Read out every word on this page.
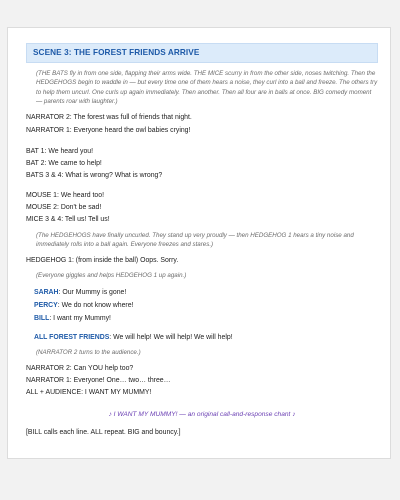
SCENE 3: THE FOREST FRIENDS ARRIVE

(THE BATS fly in from one side, flapping their arms wide. THE MICE scurry in from the other side, noses twitching. Then the HEDGEHOGS begin to waddle in — but every time one of them hears a noise, they curl into a ball and freeze. The others try to help them uncurl. One curls up again immediately. Then another. Then all four are in balls at once. BIG comedy moment — parents roar with laughter.)

NARRATOR 2: The forest was full of friends that night.

NARRATOR 1: Everyone heard the owl babies crying!

BAT 1: We heard you!

BAT 2: We came to help!

BATS 3 & 4: What is wrong? What is wrong?

MOUSE 1: We heard too!

MOUSE 2: Don't be sad!

MICE 3 & 4: Tell us! Tell us!

(The HEDGEHOGS have finally uncurled. They stand up very proudly — then HEDGEHOG 1 hears a tiny noise and immediately rolls into a ball again. Everyone freezes and stares.)

HEDGEHOG 1: (from inside the ball) Oops. Sorry.

(Everyone giggles and helps HEDGEHOG 1 up again.)

SARAH: Our Mummy is gone!

PERCY: We do not know where!

BILL: I want my Mummy!

ALL FOREST FRIENDS: We will help! We will help! We will help!

(NARRATOR 2 turns to the audience.)

NARRATOR 2: Can YOU help too?

NARRATOR 1: Everyone! One… two… three…

ALL + AUDIENCE: I WANT MY MUMMY!

♪ I WANT MY MUMMY! — an original call-and-response chant ♪

[BILL calls each line. ALL repeat. BIG and bouncy.]
